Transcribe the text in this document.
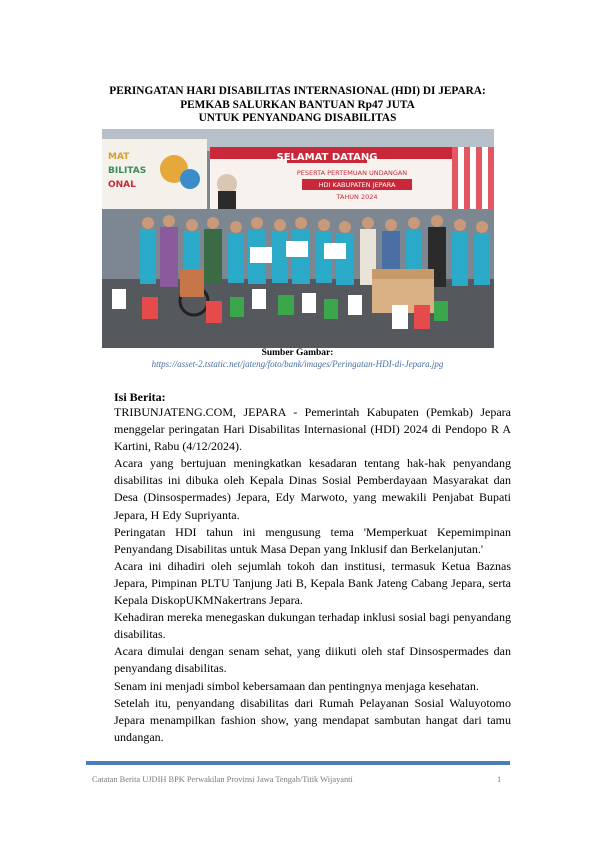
PERINGATAN HARI DISABILITAS INTERNASIONAL (HDI) DI JEPARA:
PEMKAB SALURKAN BANTUAN Rp47 JUTA
UNTUK PENYANDANG DISABILITAS
MAT
BILITAS
ONAL
SELAMAT DATANG
PESERTA PERTEMUAN UNDANGAN
HDI KABUPATEN JEPARA
TAHUN 2024
Sumber Gambar:
https://asset-2.tstatic.net/jateng/foto/bank/images/Peringatan-HDI-di-Jepara.jpg
Isi Berita:

TRIBUNJATENG.COM, JEPARA - Pemerintah Kabupaten (Pemkab) Jepara menggelar peringatan Hari Disabilitas Internasional (HDI) 2024 di Pendopo R A Kartini, Rabu (4/12/2024).

Acara yang bertujuan meningkatkan kesadaran tentang hak-hak penyandang disabilitas ini dibuka oleh Kepala Dinas Sosial Pemberdayaan Masyarakat dan Desa (Dinsospermades) Jepara, Edy Marwoto, yang mewakili Penjabat Bupati Jepara, H Edy Supriyanta.

Peringatan HDI tahun ini mengusung tema 'Memperkuat Kepemimpinan Penyandang Disabilitas untuk Masa Depan yang Inklusif dan Berkelanjutan.'

Acara ini dihadiri oleh sejumlah tokoh dan institusi, termasuk Ketua Baznas Jepara, Pimpinan PLTU Tanjung Jati B, Kepala Bank Jateng Cabang Jepara, serta Kepala DiskopUKMNakertrans Jepara.

Kehadiran mereka menegaskan dukungan terhadap inklusi sosial bagi penyandang disabilitas.

Acara dimulai dengan senam sehat, yang diikuti oleh staf Dinsospermades dan penyandang disabilitas.

Senam ini menjadi simbol kebersamaan dan pentingnya menjaga kesehatan.

Setelah itu, penyandang disabilitas dari Rumah Pelayanan Sosial Waluyotomo Jepara menampilkan fashion show, yang mendapat sambutan hangat dari tamu undangan.

Catatan Berita UJDIH BPK Perwakilan Provinsi Jawa Tengah/Titik Wijayanti	1
